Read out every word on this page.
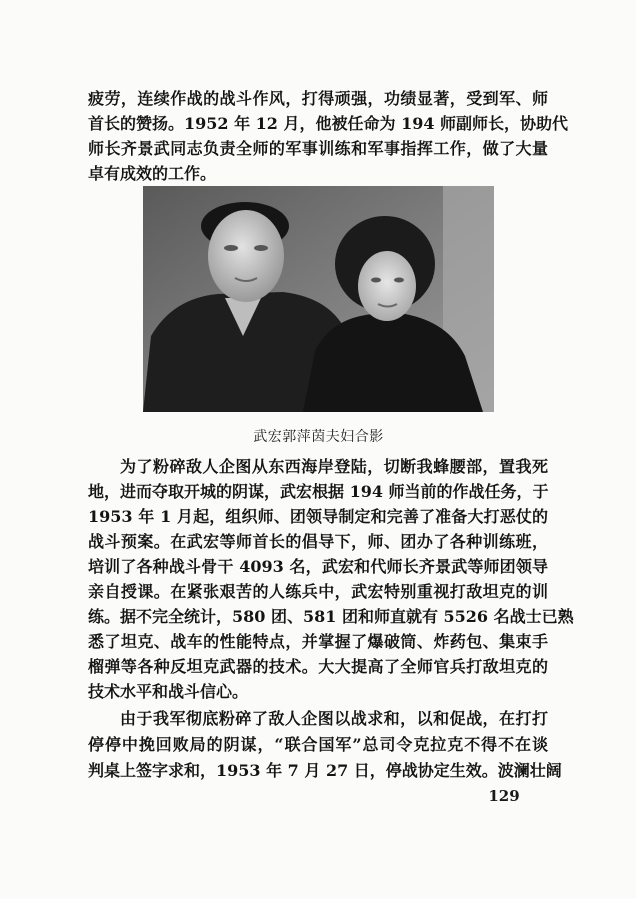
疲劳，连续作战的战斗作风，打得顽强，功绩显著，受到军、师
首长的赞扬。1952 年 12 月，他被任命为 194 师副师长，协助代
师长齐景武同志负责全师的军事训练和军事指挥工作，做了大量
卓有成效的工作。
武宏郭萍茵夫妇合影
为了粉碎敌人企图从东西海岸登陆，切断我蜂腰部，置我死
地，进而夺取开城的阴谋，武宏根据 194 师当前的作战任务，于
1953 年 1 月起，组织师、团领导制定和完善了准备大打恶仗的
战斗预案。在武宏等师首长的倡导下，师、团办了各种训练班，
培训了各种战斗骨干 4093 名，武宏和代师长齐景武等师团领导
亲自授课。在紧张艰苦的人练兵中，武宏特别重视打敌坦克的训
练。据不完全统计，580 团、581 团和师直就有 5526 名战士已熟
悉了坦克、战车的性能特点，并掌握了爆破筒、炸药包、集束手
榴弹等各种反坦克武器的技术。大大提高了全师官兵打敌坦克的
技术水平和战斗信心。
由于我军彻底粉碎了敌人企图以战求和，以和促战，在打打
停停中挽回败局的阴谋，“联合国军”总司令克拉克不得不在谈
判桌上签字求和，1953 年 7 月 27 日，停战协定生效。波澜壮阔
129
